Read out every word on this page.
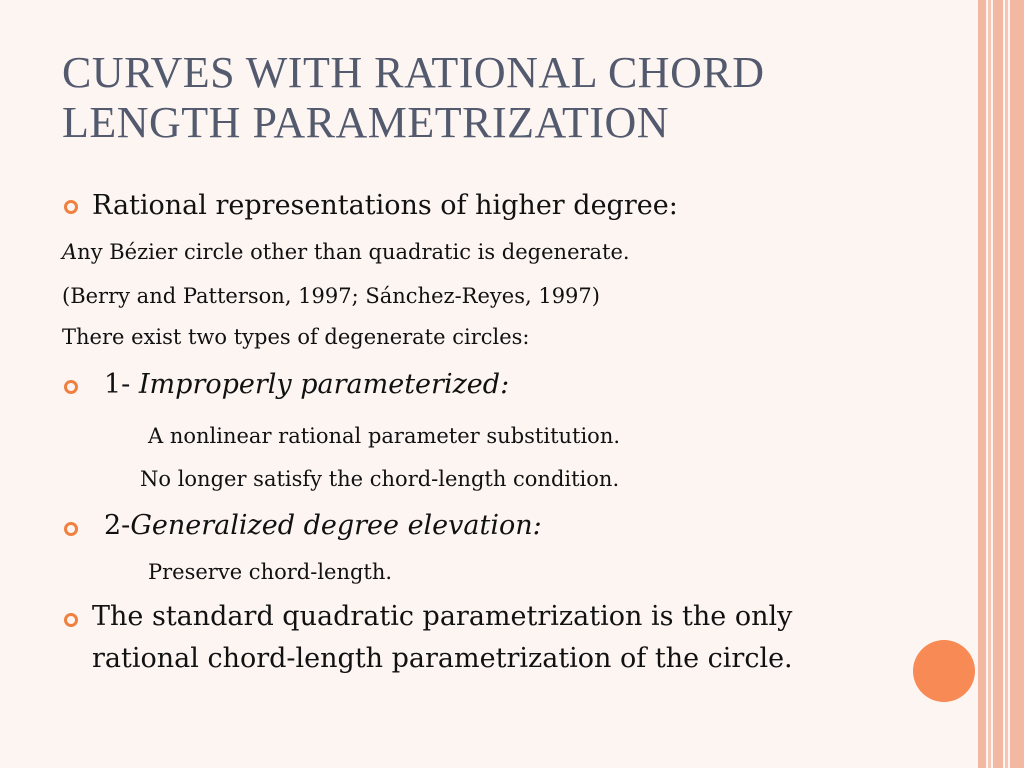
CURVES WITH RATIONAL CHORD
LENGTH PARAMETRIZATION
Rational representations of higher degree:
Any Bézier circle other than quadratic is degenerate.
(Berry and Patterson, 1997; Sánchez-Reyes, 1997)
There exist two types of degenerate circles:
1- Improperly parameterized:
A nonlinear rational parameter substitution.
No longer satisfy the chord-length condition.
2-Generalized degree elevation:
Preserve chord-length.
The standard quadratic parametrization is the only
rational chord-length parametrization of the circle.
